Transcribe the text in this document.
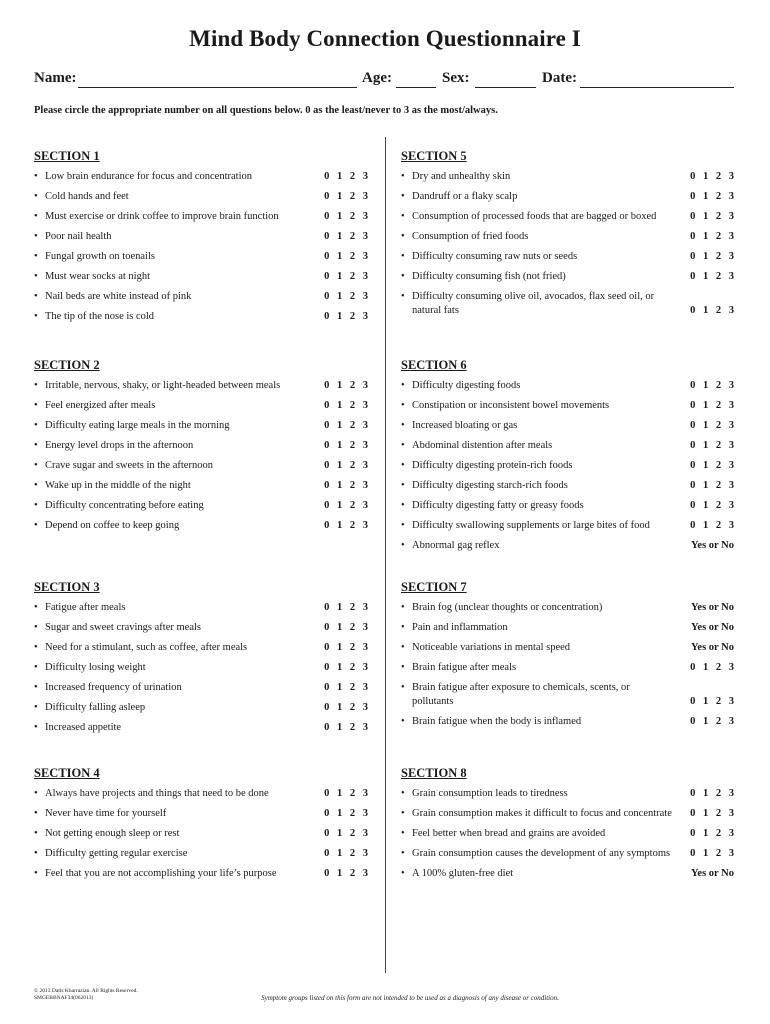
Mind Body Connection Questionnaire I
Name:	Age:	Sex:	Date:
Please circle the appropriate number on all questions below. 0 as the least/never to 3 as the most/always.
SECTION 1
• Low brain endurance for focus and concentration	0 1 2 3
• Cold hands and feet	0 1 2 3
• Must exercise or drink coffee to improve brain function	0 1 2 3
• Poor nail health	0 1 2 3
• Fungal growth on toenails	0 1 2 3
• Must wear socks at night	0 1 2 3
• Nail beds are white instead of pink	0 1 2 3
• The tip of the nose is cold	0 1 2 3
SECTION 2
• Irritable, nervous, shaky, or light-headed between meals	0 1 2 3
• Feel energized after meals	0 1 2 3
• Difficulty eating large meals in the morning	0 1 2 3
• Energy level drops in the afternoon	0 1 2 3
• Crave sugar and sweets in the afternoon	0 1 2 3
• Wake up in the middle of the night	0 1 2 3
• Difficulty concentrating before eating	0 1 2 3
• Depend on coffee to keep going	0 1 2 3
SECTION 3
• Fatigue after meals	0 1 2 3
• Sugar and sweet cravings after meals	0 1 2 3
• Need for a stimulant, such as coffee, after meals	0 1 2 3
• Difficulty losing weight	0 1 2 3
• Increased frequency of urination	0 1 2 3
• Difficulty falling asleep	0 1 2 3
• Increased appetite	0 1 2 3
SECTION 4
• Always have projects and things that need to be done	0 1 2 3
• Never have time for yourself	0 1 2 3
• Not getting enough sleep or rest	0 1 2 3
• Difficulty getting regular exercise	0 1 2 3
• Feel that you are not accomplishing your life’s purpose	0 1 2 3
SECTION 5
• Dry and unhealthy skin	0 1 2 3
• Dandruff or a flaky scalp	0 1 2 3
• Consumption of processed foods that are bagged or boxed	0 1 2 3
• Consumption of fried foods	0 1 2 3
• Difficulty consuming raw nuts or seeds	0 1 2 3
• Difficulty consuming fish (not fried)	0 1 2 3
• Difficulty consuming olive oil, avocados, flax seed oil, or natural fats	0 1 2 3
SECTION 6
• Difficulty digesting foods	0 1 2 3
• Constipation or inconsistent bowel movements	0 1 2 3
• Increased bloating or gas	0 1 2 3
• Abdominal distention after meals	0 1 2 3
• Difficulty digesting protein-rich foods	0 1 2 3
• Difficulty digesting starch-rich foods	0 1 2 3
• Difficulty digesting fatty or greasy foods	0 1 2 3
• Difficulty swallowing supplements or large bites of food	0 1 2 3
• Abnormal gag reflex	Yes or No
SECTION 7
• Brain fog (unclear thoughts or concentration)	Yes or No
• Pain and inflammation	Yes or No
• Noticeable variations in mental speed	Yes or No
• Brain fatigue after meals	0 1 2 3
• Brain fatigue after exposure to chemicals, scents, or pollutants	0 1 2 3
• Brain fatigue when the body is inflamed	0 1 2 3
SECTION 8
• Grain consumption leads to tiredness	0 1 2 3
• Grain consumption makes it difficult to focus and concentrate 0 1 2 3
• Feel better when bread and grains are avoided	0 1 2 3
• Grain consumption causes the development of any symptoms 0 1 2 3
• A 100% gluten-free diet	Yes or No
© 2013 Datis Kharrazian. All Rights Reserved.
SMGEBBNAF34(062013)	Symptom groups listed on this form are not intended to be used as a diagnosis of any disease or condition.
